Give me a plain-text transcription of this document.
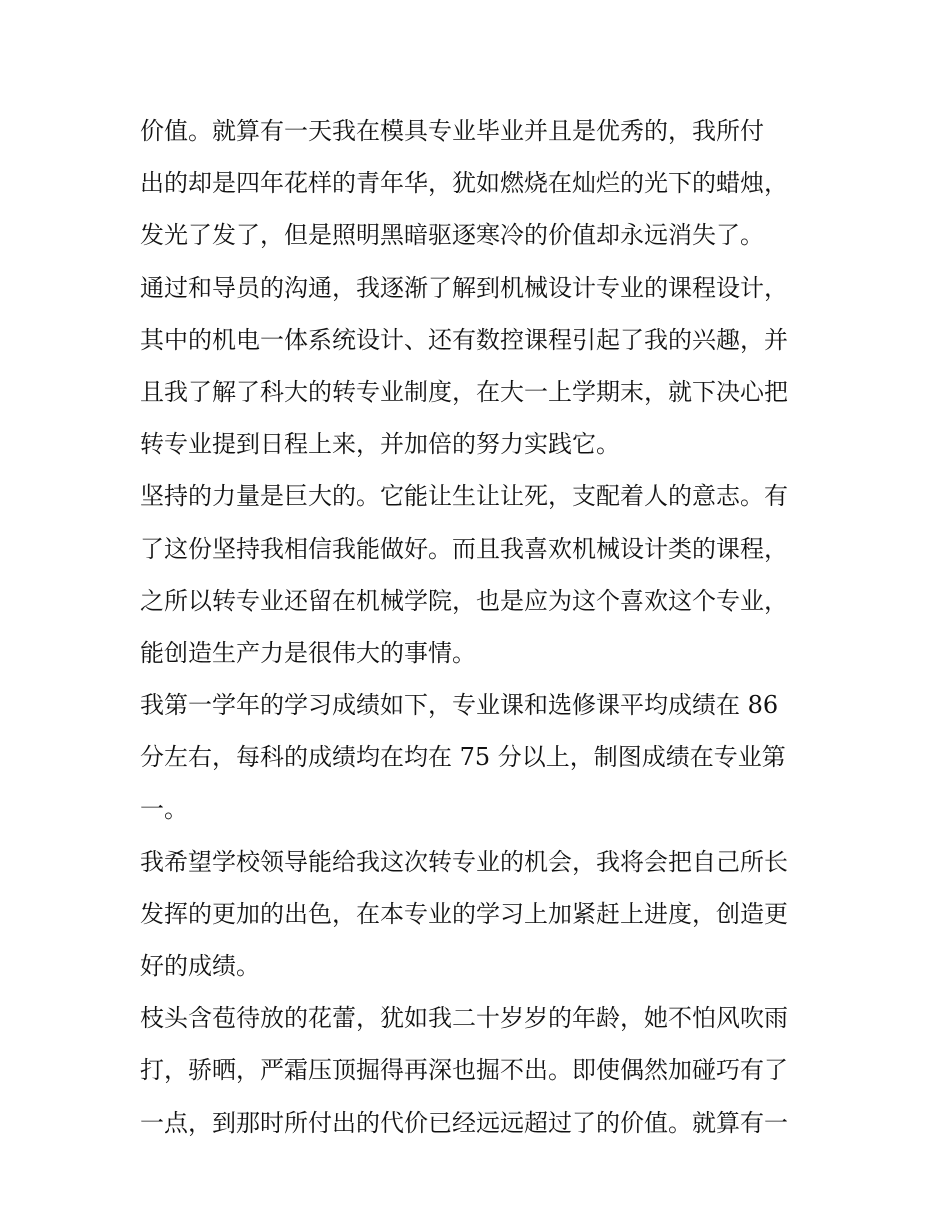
价值。就算有一天我在模具专业毕业并且是优秀的，我所付
出的却是四年花样的青年华，犹如燃烧在灿烂的光下的蜡烛，
发光了发了，但是照明黑暗驱逐寒冷的价值却永远消失了。
通过和导员的沟通，我逐渐了解到机械设计专业的课程设计，
其中的机电一体系统设计、还有数控课程引起了我的兴趣，并
且我了解了科大的转专业制度，在大一上学期末，就下决心把
转专业提到日程上来，并加倍的努力实践它。
坚持的力量是巨大的。它能让生让让死，支配着人的意志。有
了这份坚持我相信我能做好。而且我喜欢机械设计类的课程，
之所以转专业还留在机械学院，也是应为这个喜欢这个专业，
能创造生产力是很伟大的事情。
我第一学年的学习成绩如下，专业课和选修课平均成绩在 86
分左右，每科的成绩均在均在 75 分以上，制图成绩在专业第
一。
我希望学校领导能给我这次转专业的机会，我将会把自己所长
发挥的更加的出色，在本专业的学习上加紧赶上进度，创造更
好的成绩。
枝头含苞待放的花蕾，犹如我二十岁岁的年龄，她不怕风吹雨
打，骄晒，严霜压顶掘得再深也掘不出。即使偶然加碰巧有了
一点，到那时所付出的代价已经远远超过了的价值。就算有一
